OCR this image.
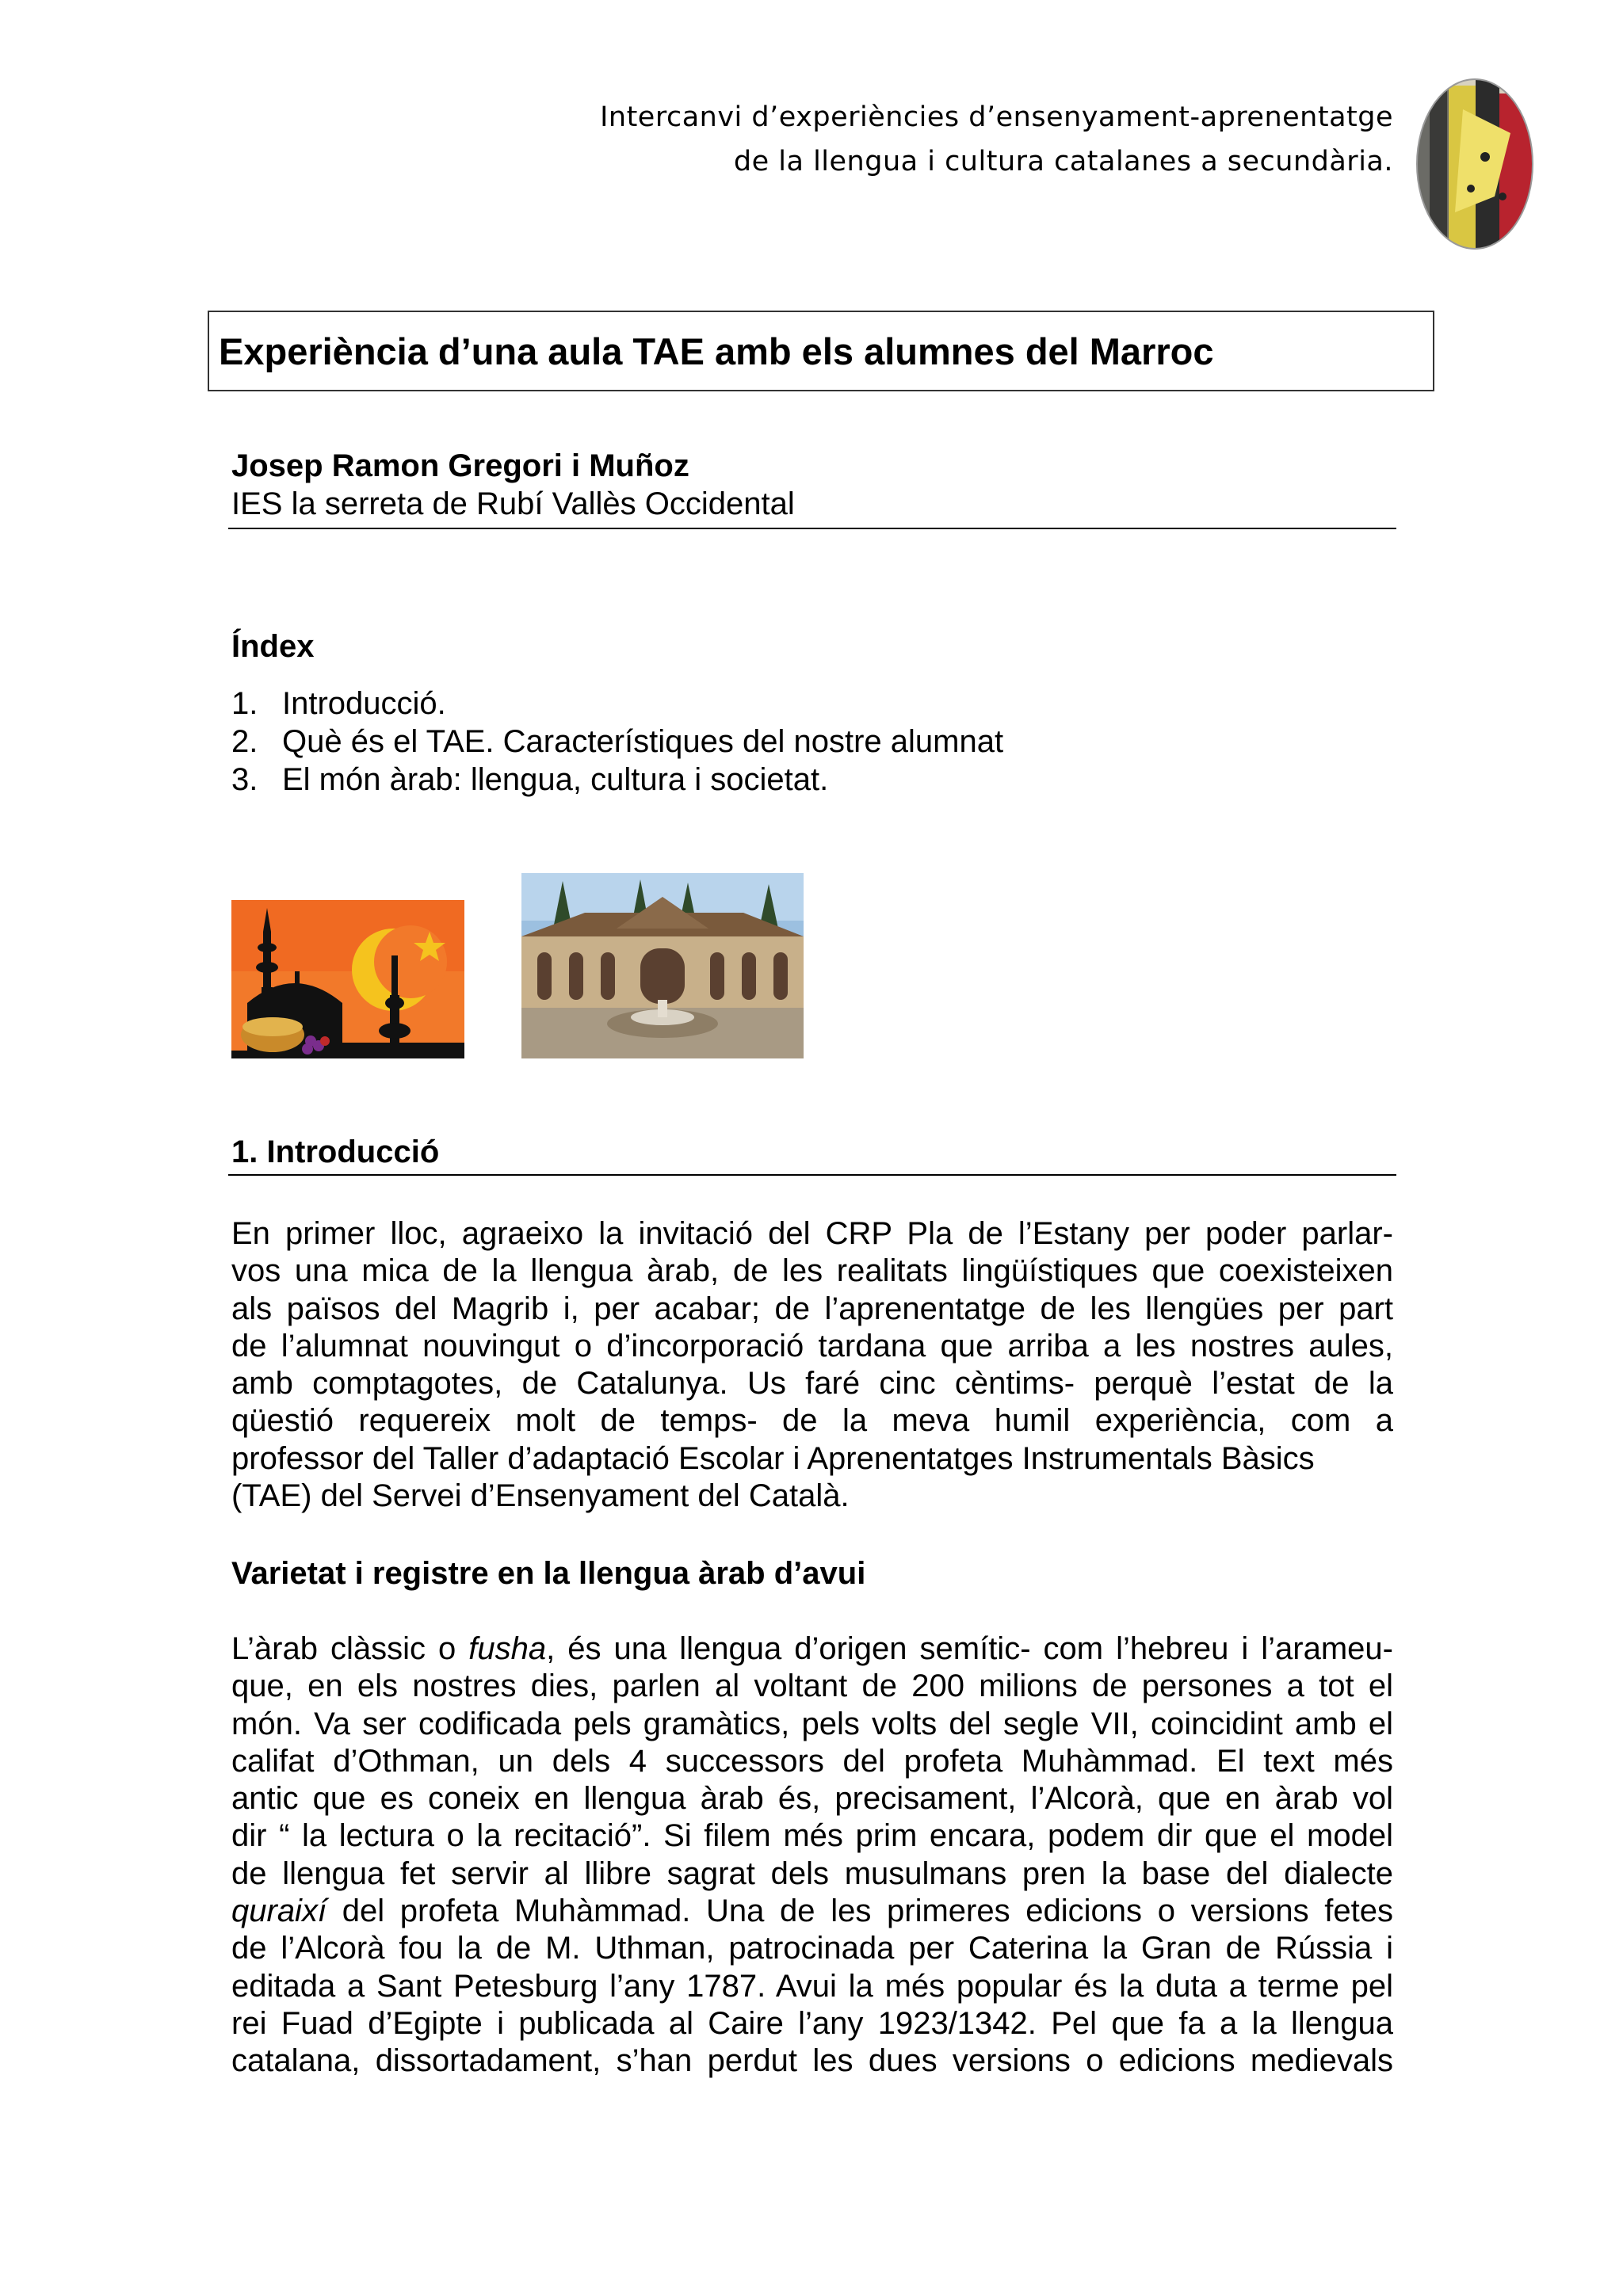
Intercanvi d’experiències d’ensenyament-aprenentatge
de la llengua i cultura catalanes a secundària.
Experiència d’una aula TAE amb els alumnes del Marroc
Josep Ramon Gregori i Muñoz
IES la serreta de Rubí Vallès Occidental
Índex
1. Introducció.
2. Què és el TAE. Característiques del nostre alumnat
3. El món àrab: llengua, cultura i societat.
1. Introducció
En primer lloc, agraeixo la invitació del CRP Pla de l’Estany per poder parlar-
vos una mica de la llengua àrab, de les realitats lingüístiques que coexisteixen
als països del Magrib i, per acabar; de l’aprenentatge de les llengües per part
de l’alumnat nouvingut o d’incorporació tardana que arriba a les nostres aules,
amb comptagotes, de Catalunya. Us faré cinc cèntims- perquè l’estat de la
qüestió requereix molt de temps- de la meva humil experiència, com a
professor del Taller d’adaptació Escolar i Aprenentatges Instrumentals Bàsics
(TAE) del Servei d’Ensenyament del Català.
Varietat i registre en la llengua àrab d’avui
L’àrab clàssic o fusha, és una llengua d’origen semític- com l’hebreu i l’arameu-
que, en els nostres dies, parlen al voltant de 200 milions de persones a tot el
món. Va ser codificada pels gramàtics, pels volts del segle VII, coincidint amb el
califat d’Othman, un dels 4 successors del profeta Muhàmmad. El text més
antic que es coneix en llengua àrab és, precisament, l’Alcorà, que en àrab vol
dir “ la lectura o la recitació”. Si filem més prim encara, podem dir que el model
de llengua fet servir al llibre sagrat dels musulmans pren la base del dialecte
quraixí del profeta Muhàmmad. Una de les primeres edicions o versions fetes
de l’Alcorà fou la de M. Uthman, patrocinada per Caterina la Gran de Rússia i
editada a Sant Petesburg l’any 1787. Avui la més popular és la duta a terme pel
rei Fuad d’Egipte i publicada al Caire l’any 1923/1342. Pel que fa a la llengua
catalana, dissortadament, s’han perdut les dues versions o edicions medievals
